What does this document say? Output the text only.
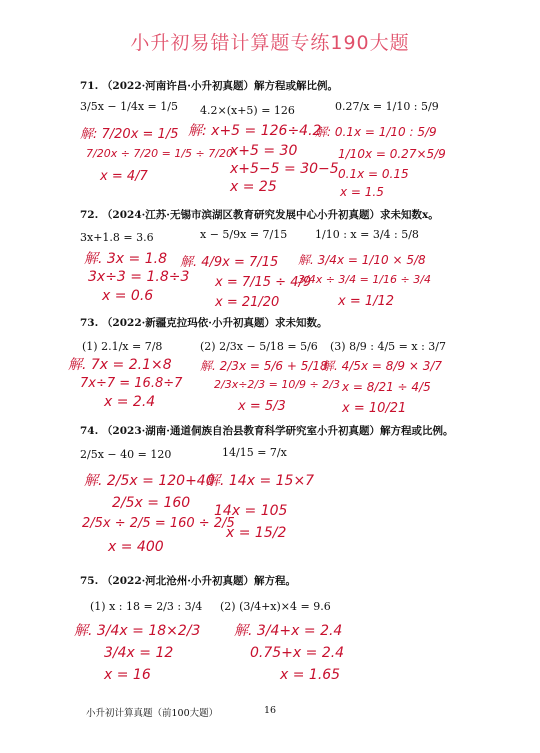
小升初易错计算题专练190大题
71. （2022·河南许昌·小升初真题）解方程或解比例。
3/5x − 1/4x = 1/5 4.2×(x+5) = 126	0.27/x = 1/10 : 5/9
解: 7/20x = 1/5
7/20x ÷ 7/20 = 1/5 ÷ 7/20
x = 4/7
解: x+5 = 126÷4.2
x+5 = 30
x+5−5 = 30−5
x = 25
解: 0.1x = 1/10 : 5/9
1/10x = 0.27×5/9
0.1x = 0.15
x = 1.5
72. （2024·江苏·无锡市滨湖区教育研究发展中心小升初真题）求未知数x。
3x+1.8 = 3.6	x − 5/9x = 7/15	1/10 : x = 3/4 : 5/8
解. 3x = 1.8
3x÷3 = 1.8÷3
x = 0.6
解. 4/9x = 7/15
x = 7/15 ÷ 4/9
x = 21/20
解. 3/4x = 1/10 × 5/8
3/4x ÷ 3/4 = 1/16 ÷ 3/4
x = 1/12
73. （2022·新疆克拉玛依·小升初真题）求未知数。
(1) 2.1/x = 7/8	(2) 2/3x − 5/18 = 5/6 (3) 8/9 : 4/5 = x : 3/7
解. 7x = 2.1×8
7x÷7 = 16.8÷7
x = 2.4
解. 2/3x = 5/6 + 5/18
2/3x÷2/3 = 10/9 ÷ 2/3
x = 5/3
解. 4/5x = 8/9 × 3/7
x = 8/21 ÷ 4/5
x = 10/21
74. （2023·湖南·通道侗族自治县教育科学研究室小升初真题）解方程或比例。
2/5x − 40 = 120	14/15 = 7/x
解. 2/5x = 120+40
2/5x = 160
2/5x ÷ 2/5 = 160 ÷ 2/5
x = 400
解. 14x = 15×7
14x = 105
x = 15/2
75. （2022·河北沧州·小升初真题）解方程。
(1) x : 18 = 2/3 : 3/4 (2) (3/4+x)×4 = 9.6
解. 3/4x = 18×2/3
3/4x = 12
x = 16
解. 3/4+x = 2.4
0.75+x = 2.4
x = 1.65
小升初计算真题（前100大题）	16
